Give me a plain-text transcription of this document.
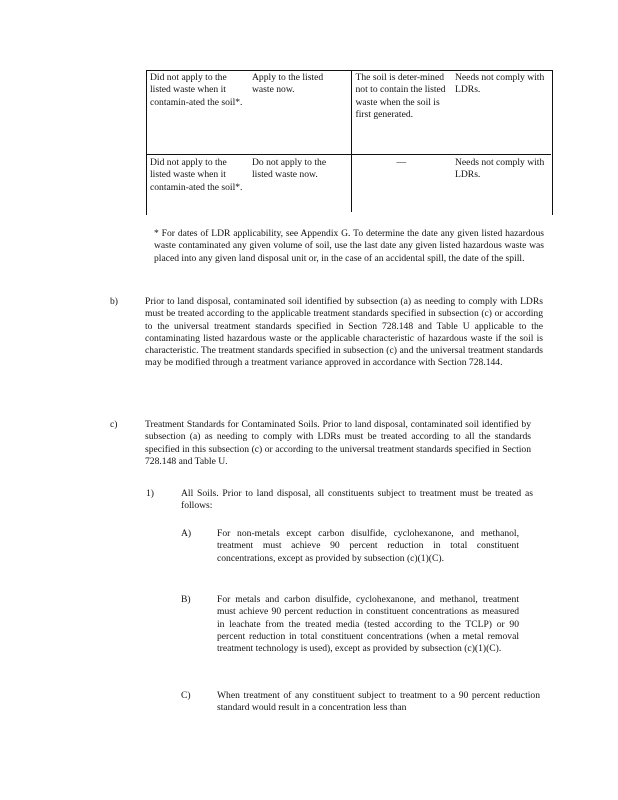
Did not apply to the listed waste when it contamin-ated the soil*.	Apply to the listed waste now.	The soil is deter-mined not to contain the listed waste when the soil is first generated.	Needs not comply with LDRs.
Did not apply to the listed waste when it contamin-ated the soil*.	Do not apply to the listed waste now.	—	Needs not comply with LDRs.
* For dates of LDR applicability, see Appendix G. To determine the date any given listed hazardous waste contaminated any given volume of soil, use the last date any given listed hazardous waste was placed into any given land disposal unit or, in the case of an accidental spill, the date of the spill.
b)	Prior to land disposal, contaminated soil identified by subsection (a) as needing to comply with LDRs must be treated according to the applicable treatment standards specified in subsection (c) or according to the universal treatment standards specified in Section 728.148 and Table U applicable to the contaminating listed hazardous waste or the applicable characteristic of hazardous waste if the soil is characteristic. The treatment standards specified in subsection (c) and the universal treatment standards may be modified through a treatment variance approved in accordance with Section 728.144.
c)	Treatment Standards for Contaminated Soils. Prior to land disposal, contaminated soil identified by subsection (a) as needing to comply with LDRs must be treated according to all the standards specified in this subsection (c) or according to the universal treatment standards specified in Section 728.148 and Table U.
1)	All Soils. Prior to land disposal, all constituents subject to treatment must be treated as follows:
A)	For non-metals except carbon disulfide, cyclohexanone, and methanol, treatment must achieve 90 percent reduction in total constituent concentrations, except as provided by subsection (c)(1)(C).
B)	For metals and carbon disulfide, cyclohexanone, and methanol, treatment must achieve 90 percent reduction in constituent concentrations as measured in leachate from the treated media (tested according to the TCLP) or 90 percent reduction in total constituent concentrations (when a metal removal treatment technology is used), except as provided by subsection (c)(1)(C).
C)	When treatment of any constituent subject to treatment to a 90 percent reduction standard would result in a concentration less than
